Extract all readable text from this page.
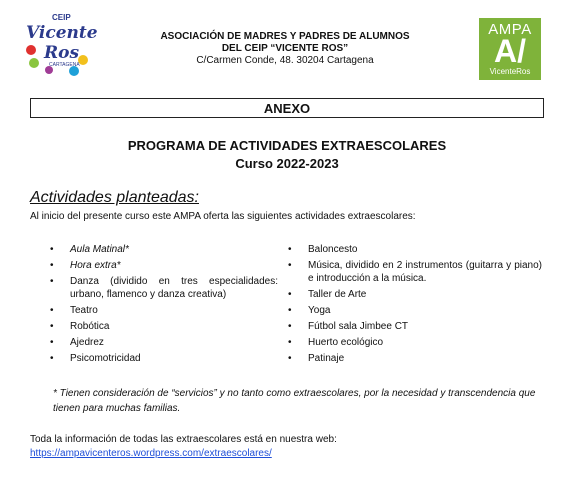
CEIP
Vicente
Ros
CARTAGENA
ASOCIACIÓN DE MADRES Y PADRES DE ALUMNOS
DEL CEIP “VICENTE ROS”
C/Carmen Conde, 48. 30204 Cartagena
AMPA
A/
VicenteRos
ANEXO
PROGRAMA DE ACTIVIDADES EXTRAESCOLARES
Curso 2022-2023
Actividades planteadas:
Al inicio del presente curso este AMPA oferta las siguientes actividades extraescolares:
• Aula Matinal*
• Hora extra*
• Danza (dividido en tres especialidades: urbano, flamenco y danza creativa)
• Teatro
• Robótica
• Ajedrez
• Psicomotricidad
• Baloncesto
• Música, dividido en 2 instrumentos (guitarra y piano) e introducción a la música.
• Taller de Arte
• Yoga
• Fútbol sala Jimbee CT
• Huerto ecológico
• Patinaje
* Tienen consideración de “servicios” y no tanto como extraescolares, por la necesidad y transcendencia que tienen para muchas familias.
Toda la información de todas las extraescolares está en nuestra web:
https://ampavicenteros.wordpress.com/extraescolares/
